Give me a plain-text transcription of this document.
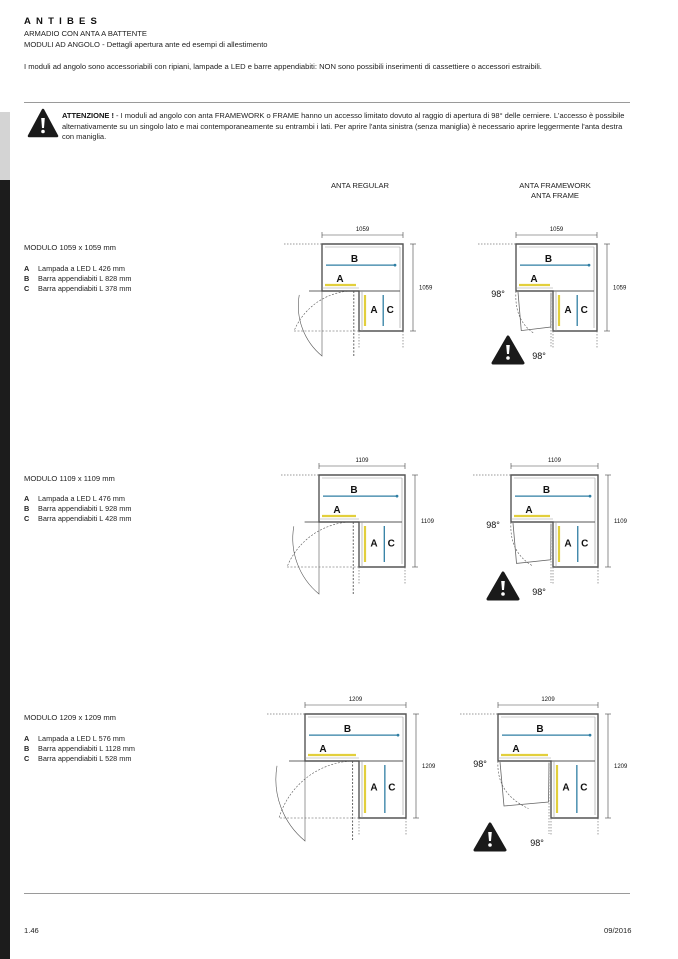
ANTIBES
ARMADIO CON ANTA A BATTENTE
MODULI AD ANGOLO - Dettagli apertura ante ed esempi di allestimento
I moduli ad angolo sono accessoriabili con ripiani, lampade a LED e barre appendiabiti: NON sono possibili inserimenti di cassettiere o accessori estraibili.
ATTENZIONE ! - I moduli ad angolo con anta FRAMEWORK o FRAME hanno un accesso limitato dovuto al raggio di apertura di 98° delle cerniere. L'accesso è possibile alternativamente su un singolo lato e mai contemporaneamente su entrambi i lati. Per aprire l'anta sinistra (senza maniglia) è necessario aprire leggermente l'anta destra con maniglia.
ANTA REGULAR	ANTA FRAMEWORK
ANTA FRAME
MODULO 1059 x 1059 mm
A Lampada a LED L 426 mm
B Barra appendiabiti L 828 mm
C Barra appendiabiti L 378 mm
MODULO 1109 x 1109 mm
A Lampada a LED L 476 mm
B Barra appendiabiti L 928 mm
C Barra appendiabiti L 428 mm
MODULO 1209 x 1209 mm
A Lampada a LED L 576 mm
B Barra appendiabiti L 1128 mm
C Barra appendiabiti L 528 mm
1059
1059
B
A
A C
1059
1059
B
A
A C
98°
98°
1109
1109
B
A
A C
1109
1109
B
A
A C
98°
98°
1209
1209
B
A
A C
1209
1209
B
A
A C
98°
98°
1.46	09/2016
